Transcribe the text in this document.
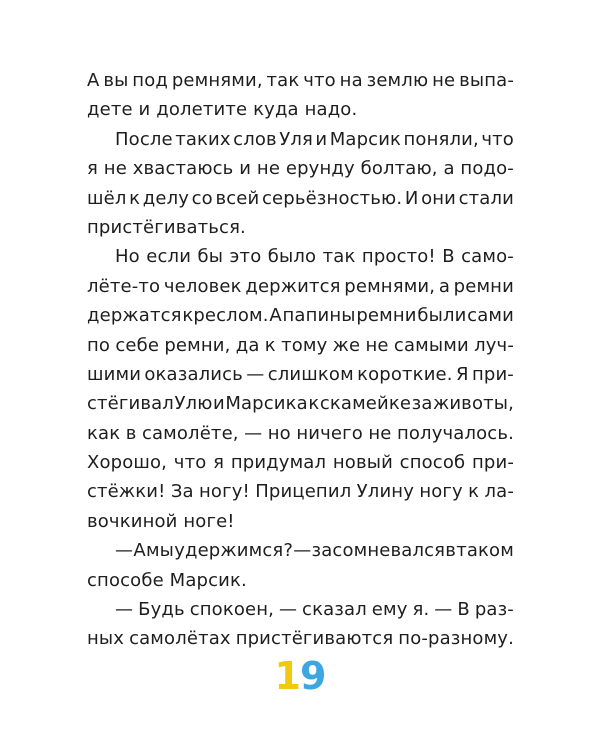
А вы под ремнями, так что на землю не выпа-
дете и долетите куда надо.
После таких слов Уля и Марсик поняли, что
я не хвастаюсь и не ерунду болтаю, а подо-
шёл к делу со всей серьёзностью. И они стали
пристёгиваться.
Но если бы это было так просто! В само-
лёте-то человек держится ремнями, а ремни
держатся креслом. А папины ремни были сами
по себе ремни, да к тому же не самыми луч-
шими оказались — слишком короткие. Я при-
стёгивал Улю и Марсика к скамейке за животы,
как в самолёте, — но ничего не получалось.
Хорошо, что я придумал новый способ при-
стёжки! За ногу! Прицепил Улину ногу к ла-
вочкиной ноге!
— А мы удержимся? — засомневался в таком
способе Марсик.
— Будь спокоен, — сказал ему я. — В раз-
ных самолётах пристёгиваются по-разному.
19
